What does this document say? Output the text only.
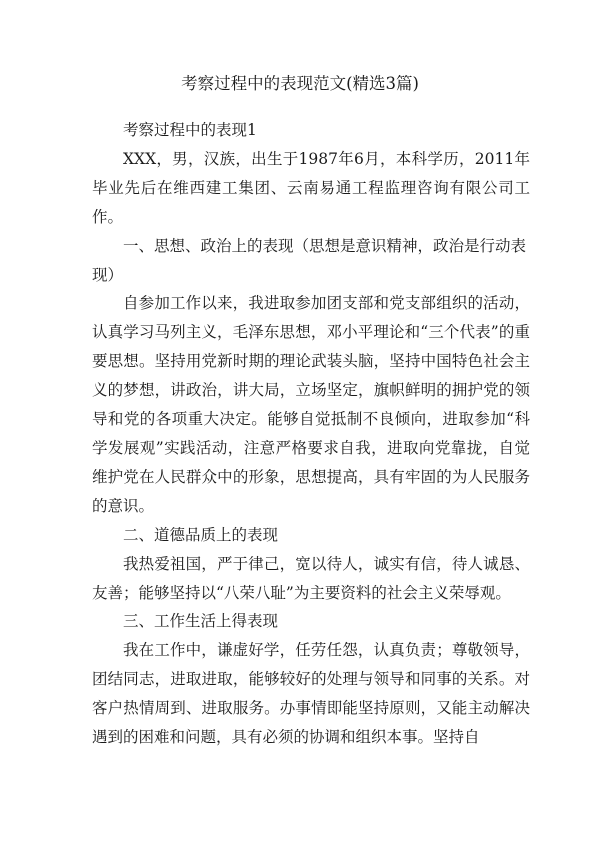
考察过程中的表现范文(精选3篇)

考察过程中的表现1

XXX，男，汉族，出生于1987年6月，本科学历，2011年毕业先后在维西建工集团、云南易通工程监理咨询有限公司工作。

一、思想、政治上的表现（思想是意识精神，政治是行动表现）

自参加工作以来，我进取参加团支部和党支部组织的活动，认真学习马列主义，毛泽东思想，邓小平理论和“三个代表”的重要思想。坚持用党新时期的理论武装头脑，坚持中国特色社会主义的梦想，讲政治，讲大局，立场坚定，旗帜鲜明的拥护党的领导和党的各项重大决定。能够自觉抵制不良倾向，进取参加“科学发展观”实践活动，注意严格要求自我，进取向党靠拢，自觉维护党在人民群众中的形象，思想提高，具有牢固的为人民服务的意识。

二、道德品质上的表现

我热爱祖国，严于律己，宽以待人，诚实有信，待人诚恳、友善；能够坚持以“八荣八耻”为主要资料的社会主义荣辱观。

三、工作生活上得表现

我在工作中，谦虚好学，任劳任怨，认真负责；尊敬领导，团结同志，进取进取，能够较好的处理与领导和同事的关系。对客户热情周到、进取服务。办事情即能坚持原则，又能主动解决遇到的困难和问题，具有必须的协调和组织本事。坚持自
